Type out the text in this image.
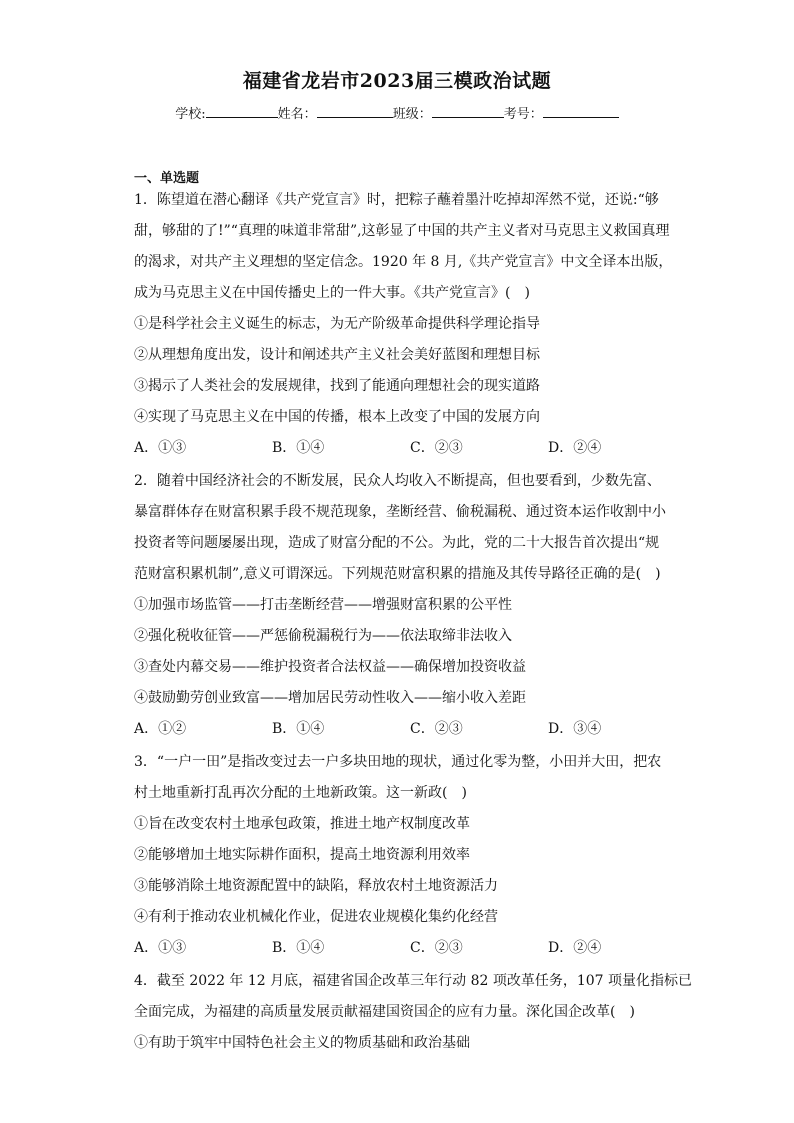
福建省龙岩市2023届三模政治试题
学校:	姓名：	班级：	考号：
一、单选题
1．陈望道在潜心翻译《共产党宣言》时，把粽子蘸着墨汁吃掉却浑然不觉，还说:“够
甜，够甜的了!”“真理的味道非常甜”,这彰显了中国的共产主义者对马克思主义救国真理
的渴求，对共产主义理想的坚定信念。1920 年 8 月,《共产党宣言》中文全译本出版，
成为马克思主义在中国传播史上的一件大事。《共产党宣言》(　)
①是科学社会主义诞生的标志，为无产阶级革命提供科学理论指导
②从理想角度出发，设计和阐述共产主义社会美好蓝图和理想目标
③揭示了人类社会的发展规律，找到了能通向理想社会的现实道路
④实现了马克思主义在中国的传播，根本上改变了中国的发展方向
A．①③	B．①④	C．②③	D．②④
2．随着中国经济社会的不断发展，民众人均收入不断提高，但也要看到，少数先富、
暴富群体存在财富积累手段不规范现象，垄断经营、偷税漏税、通过资本运作收割中小
投资者等问题屡屡出现，造成了财富分配的不公。为此，党的二十大报告首次提出“规
范财富积累机制”,意义可谓深远。下列规范财富积累的措施及其传导路径正确的是(　)
①加强市场监管——打击垄断经营——增强财富积累的公平性
②强化税收征管——严惩偷税漏税行为——依法取缔非法收入
③查处内幕交易——维护投资者合法权益——确保增加投资收益
④鼓励勤劳创业致富——增加居民劳动性收入——缩小收入差距
A．①②	B．①④	C．②③	D．③④
3．“一户一田”是指改变过去一户多块田地的现状，通过化零为整，小田并大田，把农
村土地重新打乱再次分配的土地新政策。这一新政(　)
①旨在改变农村土地承包政策，推进土地产权制度改革
②能够增加土地实际耕作面积，提高土地资源利用效率
③能够消除土地资源配置中的缺陷，释放农村土地资源活力
④有利于推动农业机械化作业，促进农业规模化集约化经营
A．①③	B．①④	C．②③	D．②④
4．截至 2022 年 12 月底，福建省国企改革三年行动 82 项改革任务，107 项量化指标已
全面完成，为福建的高质量发展贡献福建国资国企的应有力量。深化国企改革(　)
①有助于筑牢中国特色社会主义的物质基础和政治基础
